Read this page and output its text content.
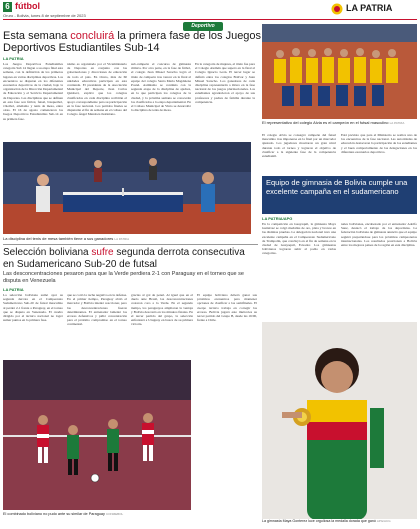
6 fútbol
Oruro - Bolivia, lunes 8 de septiembre de 2023
Deportivo
LA PATRIA
Esta semana concluirá la primera fase de los Juegos Deportivos Estudiantiles Sub-14
LA PATRIA

Los Juegos Deportivos Estudiantiles categoría Sub 14 llegan a su etapa final esta semana, con la definición de los primeros lugares en varias disciplinas deportivas. Los encuentros se disputan en los diferentes escenarios deportivos de la ciudad, bajo la organización de la Dirección Departamental de Educación y el Servicio Departamental de Deportes. Las disciplinas que se definen en esta fase son fútbol, futsal, básquetbol, vóleibol, atletismo y tenis de mesa, entre otras. El 16 de agosto comenzaron los Juegos Deportivos Estudiantiles Sub-14 en su primera fase.

nismo es organizado por el Viceministerio de Deportes en conjunto con las gobernaciones y direcciones de educación de todo el país. En Oruro, más de 60 unidades educativas participan en esta contienda. El presidente de la Asociación Municipal del Deporte, Juan Carlos Quisbert, explicó que los colegios clasificados en cada disciplina recibirán el apoyo correspondiente para su participación en la fase nacional. Los partidos finales se disputarán el fin de semana en el coliseo del Colegio Ángel Mendoza Justiniano.

sub-campeón el concurso de gimnasia rítmica. Por otra parte, en la fase de fútbol, el colegio Juan Misael Saracho logró el título de campeón tras vencer en la final al equipo del colegio Santa María Magdalena Postel. Asimismo se continúa con la segunda etapa de la disciplina de ajedrez, en la que participan los colegios de la ciudad, y la próxima semana se conocerán los clasificados a la etapa departamental. En el Coliseo Municipal de Vinto se desarrolló la disciplina de tenis de mesa.

En la categoría de mujeres, el título fue para el Colegio Alemán que superó en la final al Colegio Ignacio León. El tercer lugar se definió entre los colegios Bolívar y Juan Misael Saracho. Los ganadores de cada disciplina representarán a Oruro en la fase nacional de los juegos plurinacionales. Los estudiantes agradecieron el apoyo de sus profesores y padres de familia durante la competencia.

La disciplina del tenis de mesa también tiene a sus ganadores LA PATRIA
El representativo del colegio Alvia es el campeón en el futsal masculino LA PATRIA

El colegio Alvia se consagró campeón del futsal masculino tras imponerse en la final por un marcador ajustado. Los jugadores mostraron un gran nivel durante todo el torneo y lograron el objetivo de clasificar a la siguiente fase de la competencia estudiantil.

Está previsto que para el Ministerio se realice uno de los encuentros de la fase nacional. Las autoridades de educación destacaron la participación de los estudiantes y el buen comportamiento de las delegaciones en los diferentes escenarios deportivos.

Equipo de gimnasia de Bolivia cumple una excelente campaña en el sudamericano
LA PATRIA/APG

En la competición en Guayaquil, la gimnasta Maya Gutiérrez se colgó medallas de oro, plata y bronce en las distintas pruebas. La delegación nacional tuvo una excelente campaña en el Campeonato Sudamericano de Trampolín, que concluyó en el fin de semana en la ciudad de Guayaquil, Ecuador. Los gimnastas bolivianos lograron subir al podio en varias categorías.

nales bolivianas, encabezado por el entrenador Adolfo Sanz, destacó el trabajo de los deportistas. La federación boliviana de gimnasia anunció que el equipo seguirá preparándose para los próximos campeonatos internacionales. Los resultados posicionan a Bolivia entre los mejores países de la región en esta disciplina.

La gimnasta Maya Gonterez luce orgullosa la medalla dorada que ganó APG/ACG
Selección boliviana sufre segunda derrota consecutiva en Sudamericano Sub-20 de futsal
Las desconcentraciones pesaron para que la Verde perdiera 2-1 con Paraguay en el torneo que se disputa en Venezuela
LA PATRIA

La selección boliviana sumó ayer su segunda derrota en el Campeonato Sudamericano Sub-20 de futsal masculino al perder 2-1 frente a Paraguay, en el torneo que se disputa en Venezuela. El cuadro dirigido por el técnico nacional no logró sumar puntos en la primera fase.

que se cortó la racha negativa en la defensa. En el primer tiempo, Paraguay abrió el marcador y Bolivia intentó reaccionar, pero las desconcentraciones fueron determinantes. El entrenador lamentó los errores defensivos y pidió concentración para el próximo compromiso en el torneo continental.

gracias al gol de penal. Al igual que en el duelo ante Brasil, las desconcentraciones costaron caro a la Verde. En el segundo tiempo, los paraguayos ampliaron la ventaja y Bolivia descontó en los minutos finales. En el tercer partido del grupo, la selección enfrentará a Uruguay en busca de su primera victoria.

El equipo boliviano deberá ganar sus próximos encuentros para mantener opciones de clasificar a las semifinales. El cuerpo técnico trabaja en corregir los errores. Bolivia jugará este miércoles su tercer partido del Grupo B, desde las 16:00, frente a Chile.

El combinado boliviano no pudo ante su similar de Paraguay CONMEBOL
